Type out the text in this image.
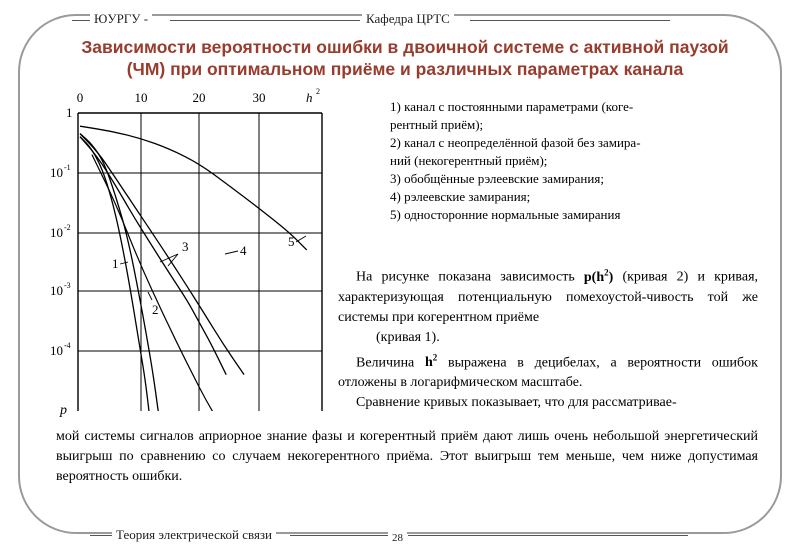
ЮУРГУ -	Кафедра ЦРТС
Зависимости вероятности ошибки в двоичной системе с активной паузой
(ЧМ) при оптимальном приёме и различных параметрах канала
0	10	20	30	h 2
1
10 -1
10 -2
10 -3
10 -4
p
1
2
3	4
5
1) канал с постоянными параметрами (коге-
рентный приём);
2) канал с неопределённой фазой без замира-
ний (некогерентный приём);
3) обобщённые рэлеевские замирания;
4) рэлеевские замирания;
5) односторонние нормальные замирания

На рисунке показана зависимость $p(h^2)$ (кривая 2) и кривая, характеризующая потенциальную помехоустой-чивость той же системы при когерентном приёме

(кривая 1).

Величина $h^2$ выражена в децибелах, а вероятности ошибок отложены в логарифмическом масштабе.

Сравнение кривых показывает, что для рассматривае-

мой системы сигналов априорное знание фазы и когерентный приём дают лишь очень небольшой энергетический выигрыш по сравнению со случаем некогерентного приёма. Этот выигрыш тем меньше, чем ниже допустимая вероятность ошибки.

Теория электрической связи	28
